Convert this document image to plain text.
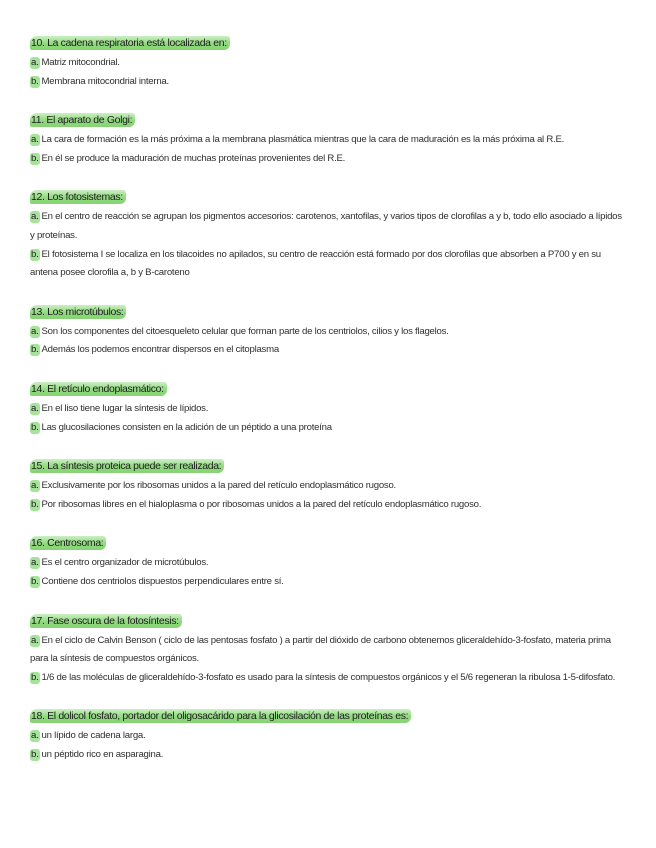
10. La cadena respiratoria está localizada en:
a. Matriz mitocondrial.
b. Membrana mitocondrial interna.
11. El aparato de Golgi:
a. La cara de formación es la más próxima a la membrana plasmática mientras que la cara de maduración es la más próxima al R.E.
b. En él se produce la maduración de muchas proteínas provenientes del R.E.
12. Los fotosistemas:
a. En el centro de reacción se agrupan los pigmentos accesorios: carotenos, xantofilas, y varios tipos de clorofilas a y b, todo ello asociado a lípidos y proteínas.
b. El fotosistema I se localiza en los tilacoides no apilados, su centro de reacción está formado por dos clorofilas que absorben a P700 y en su antena posee clorofila a, b y B-caroteno
13. Los microtúbulos:
a. Son los componentes del citoesqueleto celular que forman parte de los centriolos, cilios y los flagelos.
b. Además los podemos encontrar dispersos en el citoplasma
14. El retículo endoplasmático:
a. En el liso tiene lugar la síntesis de lípidos.
b. Las glucosilaciones consisten en la adición de un péptido a una proteína
15. La síntesis proteica puede ser realizada:
a. Exclusivamente por los ribosomas unidos a la pared del retículo endoplasmático rugoso.
b. Por ribosomas libres en el hialoplasma o por ribosomas unidos a la pared del retículo endoplasmático rugoso.
16. Centrosoma:
a. Es el centro organizador de microtúbulos.
b. Contiene dos centriolos dispuestos perpendiculares entre sí.
17. Fase oscura de la fotosíntesis:
a. En el ciclo de Calvin Benson ( ciclo de las pentosas fosfato ) a partir del dióxido de carbono obtenemos gliceraldehído-3-fosfato, materia prima para la síntesis de compuestos orgánicos.
b. 1/6 de las moléculas de gliceraldehído-3-fosfato es usado para la síntesis de compuestos orgánicos y el 5/6 regeneran la ribulosa 1-5-difosfato.
18. El dolicol fosfato, portador del oligosacárido para la glicosilación de las proteínas es:
a. un lípido de cadena larga.
b. un péptido rico en asparagina.
